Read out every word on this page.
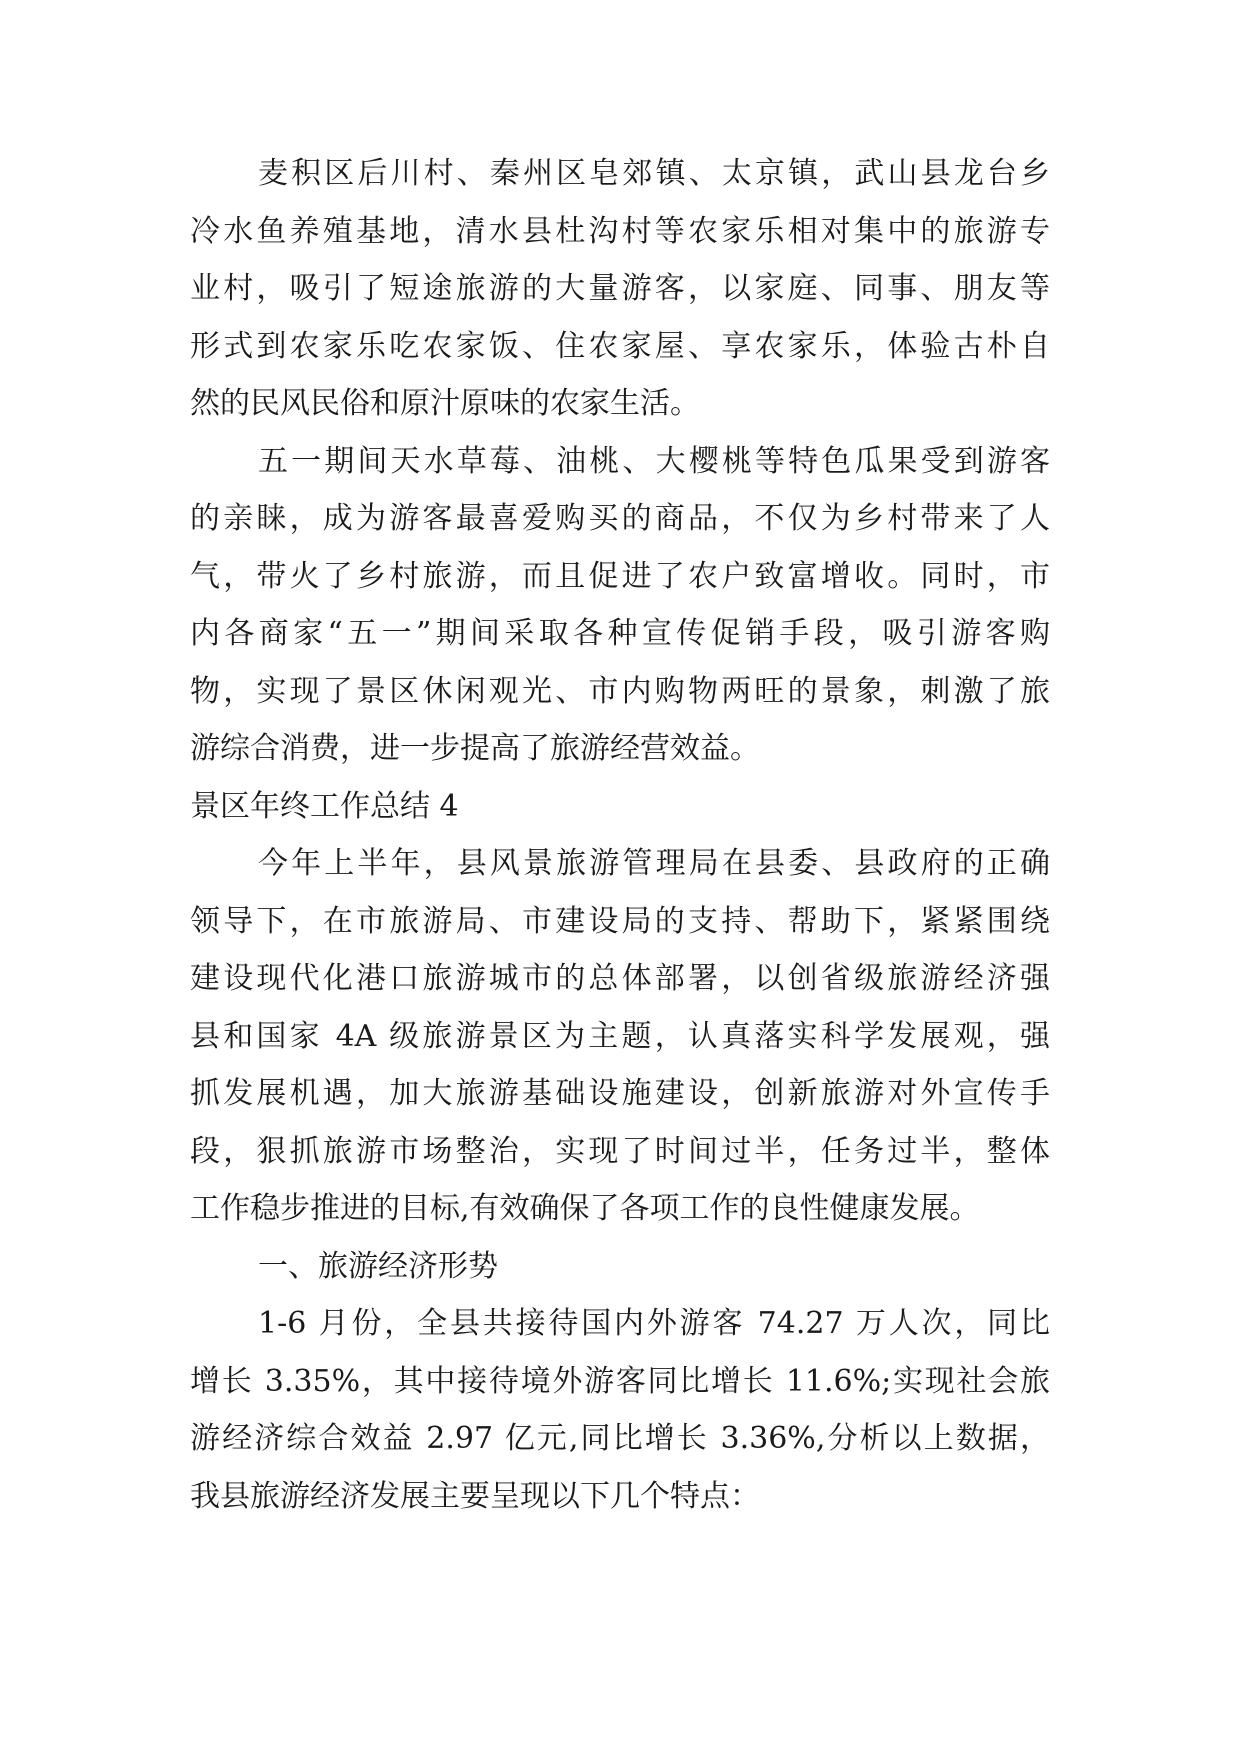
麦积区后川村、秦州区皂郊镇、太京镇，武山县龙台乡
冷水鱼养殖基地，清水县杜沟村等农家乐相对集中的旅游专
业村，吸引了短途旅游的大量游客，以家庭、同事、朋友等
形式到农家乐吃农家饭、住农家屋、享农家乐，体验古朴自
然的民风民俗和原汁原味的农家生活。
五一期间天水草莓、油桃、大樱桃等特色瓜果受到游客
的亲睐，成为游客最喜爱购买的商品，不仅为乡村带来了人
气，带火了乡村旅游，而且促进了农户致富增收。同时，市
内各商家“五一”期间采取各种宣传促销手段，吸引游客购
物，实现了景区休闲观光、市内购物两旺的景象，刺激了旅
游综合消费，进一步提高了旅游经营效益。
景区年终工作总结 4
今年上半年，县风景旅游管理局在县委、县政府的正确
领导下，在市旅游局、市建设局的支持、帮助下，紧紧围绕
建设现代化港口旅游城市的总体部署，以创省级旅游经济强
县和国家 4A 级旅游景区为主题，认真落实科学发展观，强
抓发展机遇，加大旅游基础设施建设，创新旅游对外宣传手
段，狠抓旅游市场整治，实现了时间过半，任务过半，整体
工作稳步推进的目标,有效确保了各项工作的良性健康发展。
一、旅游经济形势
1-6 月份，全县共接待国内外游客 74.27 万人次，同比
增长 3.35%，其中接待境外游客同比增长 11.6%;实现社会旅
游经济综合效益 2.97 亿元,同比增长 3.36%,分析以上数据，
我县旅游经济发展主要呈现以下几个特点：
